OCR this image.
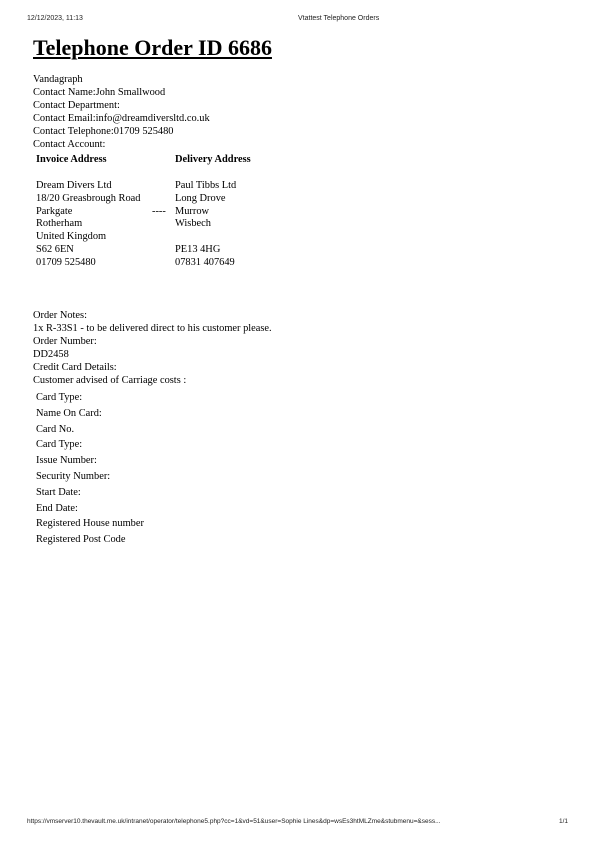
12/12/2023, 11:13	Vtattest Telephone Orders
Telephone Order ID 6686
Vandagraph
Contact Name:John Smallwood
Contact Department:
Contact Email:info@dreamdiversltd.co.uk
Contact Telephone:01709 525480
Contact Account:
Invoice Address	Delivery Address
Dream Divers Ltd	Paul Tibbs Ltd
18/20 Greasbrough Road	Long Drove
Parkgate	---- Murrow
Rotherham	Wisbech
United Kingdom
S62 6EN	PE13 4HG
01709 525480	07831 407649
Order Notes:
1x R-33S1 - to be delivered direct to his customer please.
Order Number:
DD2458
Credit Card Details:
Customer advised of Carriage costs :
Card Type:
Name On Card:
Card No.
Card Type:
Issue Number:
Security Number:
Start Date:
End Date:
Registered House number
Registered Post Code
https://vmserver10.thevault.me.uk/intranet/operator/telephone5.php?cc=1&vd=51&user=Sophie Lines&dp=wsEs3htMLZme&stubmenu=&sess...	1/1
